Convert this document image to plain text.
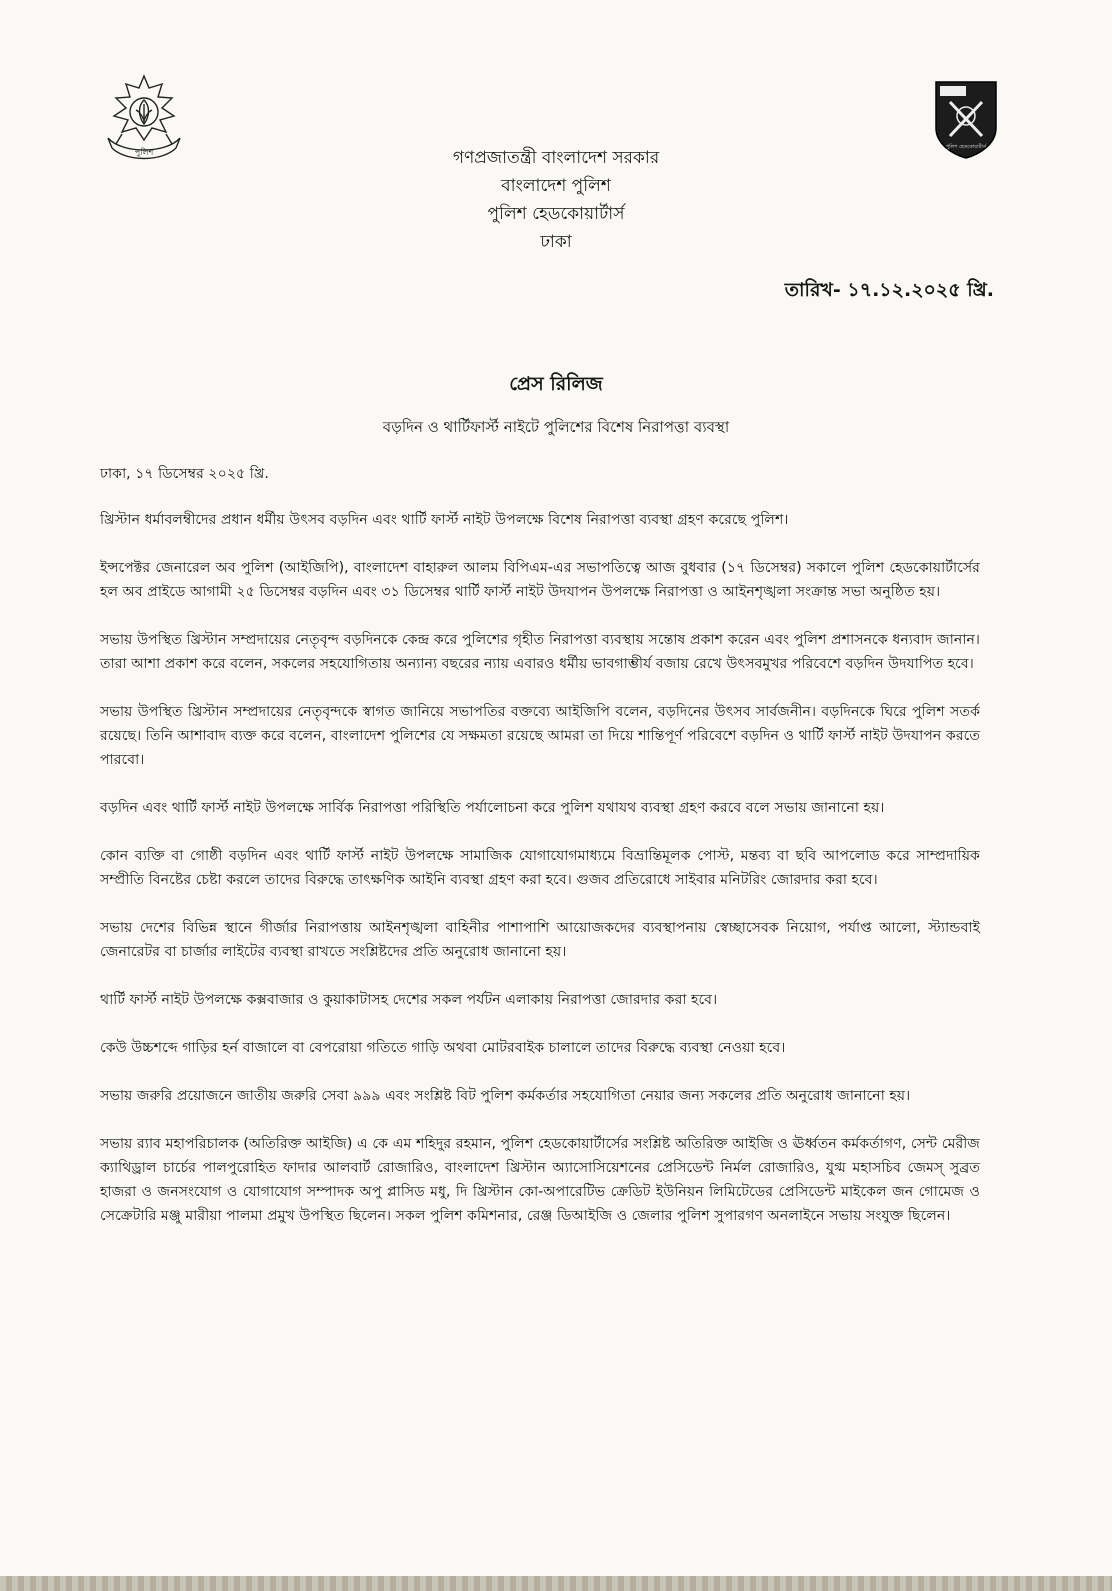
পুলিশ
পুলিশ হেডকোয়ার্টার্স
গণপ্রজাতন্ত্রী বাংলাদেশ সরকার
বাংলাদেশ পুলিশ
পুলিশ হেডকোয়ার্টার্স
ঢাকা
তারিখ- ১৭.১২.২০২৫ খ্রি.
প্রেস রিলিজ
বড়দিন ও থার্টিফার্স্ট নাইটে পুলিশের বিশেষ নিরাপত্তা ব্যবস্থা

ঢাকা, ১৭ ডিসেম্বর ২০২৫ খ্রি.

খ্রিস্টান ধর্মাবলম্বীদের প্রধান ধর্মীয় উৎসব বড়দিন এবং থার্টি ফার্স্ট নাইট উপলক্ষে বিশেষ নিরাপত্তা ব্যবস্থা গ্রহণ করেছে পুলিশ।

ইন্সপেক্টর জেনারেল অব পুলিশ (আইজিপি), বাংলাদেশ বাহারুল আলম বিপিএম-এর সভাপতিত্বে আজ বুধবার (১৭ ডিসেম্বর) সকালে পুলিশ হেডকোয়ার্টার্সের হল অব প্রাইডে আগামী ২৫ ডিসেম্বর বড়দিন এবং ৩১ ডিসেম্বর থার্টি ফার্স্ট নাইট উদযাপন উপলক্ষে নিরাপত্তা ও আইনশৃঙ্খলা সংক্রান্ত সভা অনুষ্ঠিত হয়।

সভায় উপস্থিত খ্রিস্টান সম্প্রদায়ের নেতৃবৃন্দ বড়দিনকে কেন্দ্র করে পুলিশের গৃহীত নিরাপত্তা ব্যবস্থায় সন্তোষ প্রকাশ করেন এবং পুলিশ প্রশাসনকে ধন্যবাদ জানান। তারা আশা প্রকাশ করে বলেন, সকলের সহযোগিতায় অন্যান্য বছরের ন্যায় এবারও ধর্মীয় ভাবগাম্ভীর্য বজায় রেখে উৎসবমুখর পরিবেশে বড়দিন উদযাপিত হবে।

সভায় উপস্থিত খ্রিস্টান সম্প্রদায়ের নেতৃবৃন্দকে স্বাগত জানিয়ে সভাপতির বক্তব্যে আইজিপি বলেন, বড়দিনের উৎসব সার্বজনীন। বড়দিনকে ঘিরে পুলিশ সতর্ক রয়েছে। তিনি আশাবাদ ব্যক্ত করে বলেন, বাংলাদেশ পুলিশের যে সক্ষমতা রয়েছে আমরা তা দিয়ে শান্তিপূর্ণ পরিবেশে বড়দিন ও থার্টি ফার্স্ট নাইট উদযাপন করতে পারবো।

বড়দিন এবং থার্টি ফার্স্ট নাইট উপলক্ষে সার্বিক নিরাপত্তা পরিস্থিতি পর্যালোচনা করে পুলিশ যথাযথ ব্যবস্থা গ্রহণ করবে বলে সভায় জানানো হয়।

কোন ব্যক্তি বা গোষ্ঠী বড়দিন এবং থার্টি ফার্স্ট নাইট উপলক্ষে সামাজিক যোগাযোগমাধ্যমে বিভ্রান্তিমূলক পোস্ট, মন্তব্য বা ছবি আপলোড করে সাম্প্রদায়িক সম্প্রীতি বিনষ্টের চেষ্টা করলে তাদের বিরুদ্ধে তাৎক্ষণিক আইনি ব্যবস্থা গ্রহণ করা হবে। গুজব প্রতিরোধে সাইবার মনিটরিং জোরদার করা হবে।

সভায় দেশের বিভিন্ন স্থানে গীর্জার নিরাপত্তায় আইনশৃঙ্খলা বাহিনীর পাশাপাশি আয়োজকদের ব্যবস্থাপনায় স্বেচ্ছাসেবক নিয়োগ, পর্যাপ্ত আলো, স্ট্যান্ডবাই জেনারেটর বা চার্জার লাইটের ব্যবস্থা রাখতে সংশ্লিষ্টদের প্রতি অনুরোধ জানানো হয়।

থার্টি ফার্স্ট নাইট উপলক্ষে কক্সবাজার ও কুয়াকাটাসহ দেশের সকল পর্যটন এলাকায় নিরাপত্তা জোরদার করা হবে।

কেউ উচ্চশব্দে গাড়ির হর্ন বাজালে বা বেপরোয়া গতিতে গাড়ি অথবা মোটরবাইক চালালে তাদের বিরুদ্ধে ব্যবস্থা নেওয়া হবে।

সভায় জরুরি প্রয়োজনে জাতীয় জরুরি সেবা ৯৯৯ এবং সংশ্লিষ্ট বিট পুলিশ কর্মকর্তার সহযোগিতা নেয়ার জন্য সকলের প্রতি অনুরোধ জানানো হয়।

সভায় র‍্যাব মহাপরিচালক (অতিরিক্ত আইজি) এ কে এম শহিদুর রহমান, পুলিশ হেডকোয়ার্টার্সের সংশ্লিষ্ট অতিরিক্ত আইজি ও ঊর্ধ্বতন কর্মকর্তাগণ, সেন্ট মেরীজ ক্যাথিড্রাল চার্চের পালপুরোহিত ফাদার আলবার্ট রোজারিও, বাংলাদেশ খ্রিস্টান অ্যাসোসিয়েশনের প্রেসিডেন্ট নির্মল রোজারিও, যুগ্ম মহাসচিব জেমস্ সুব্রত হাজরা ও জনসংযোগ ও যোগাযোগ সম্পাদক অপু প্লাসিড মধু, দি খ্রিস্টান কো-অপারেটিভ ক্রেডিট ইউনিয়ন লিমিটেডের প্রেসিডেন্ট মাইকেল জন গোমেজ ও সেক্রেটারি মঞ্জু মারীয়া পালমা প্রমুখ উপস্থিত ছিলেন। সকল পুলিশ কমিশনার, রেঞ্জ ডিআইজি ও জেলার পুলিশ সুপারগণ অনলাইনে সভায় সংযুক্ত ছিলেন।
